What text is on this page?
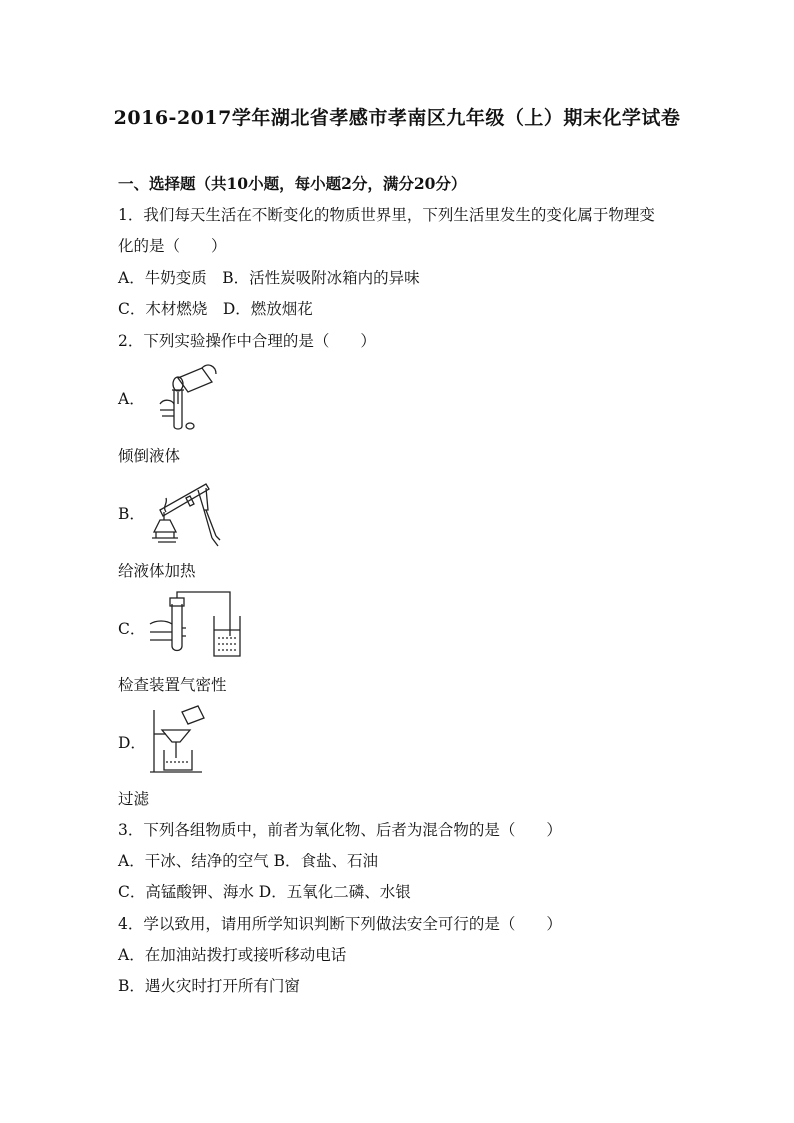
2016-2017学年湖北省孝感市孝南区九年级（上）期末化学试卷
一、选择题（共10小题，每小题2分，满分20分）
1．我们每天生活在不断变化的物质世界里，下列生活里发生的变化属于物理变
化的是（　　）
A．牛奶变质　B．活性炭吸附冰箱内的异味
C．木材燃烧　D．燃放烟花
2．下列实验操作中合理的是（　　）
A．
倾倒液体
B．
给液体加热
C．
检查装置气密性
D．
过滤
3．下列各组物质中，前者为氧化物、后者为混合物的是（　　）
A．干冰、结净的空气 B．食盐、石油
C．高锰酸钾、海水 D．五氧化二磷、水银
4．学以致用，请用所学知识判断下列做法安全可行的是（　　）
A．在加油站拨打或接听移动电话
B．遇火灾时打开所有门窗
